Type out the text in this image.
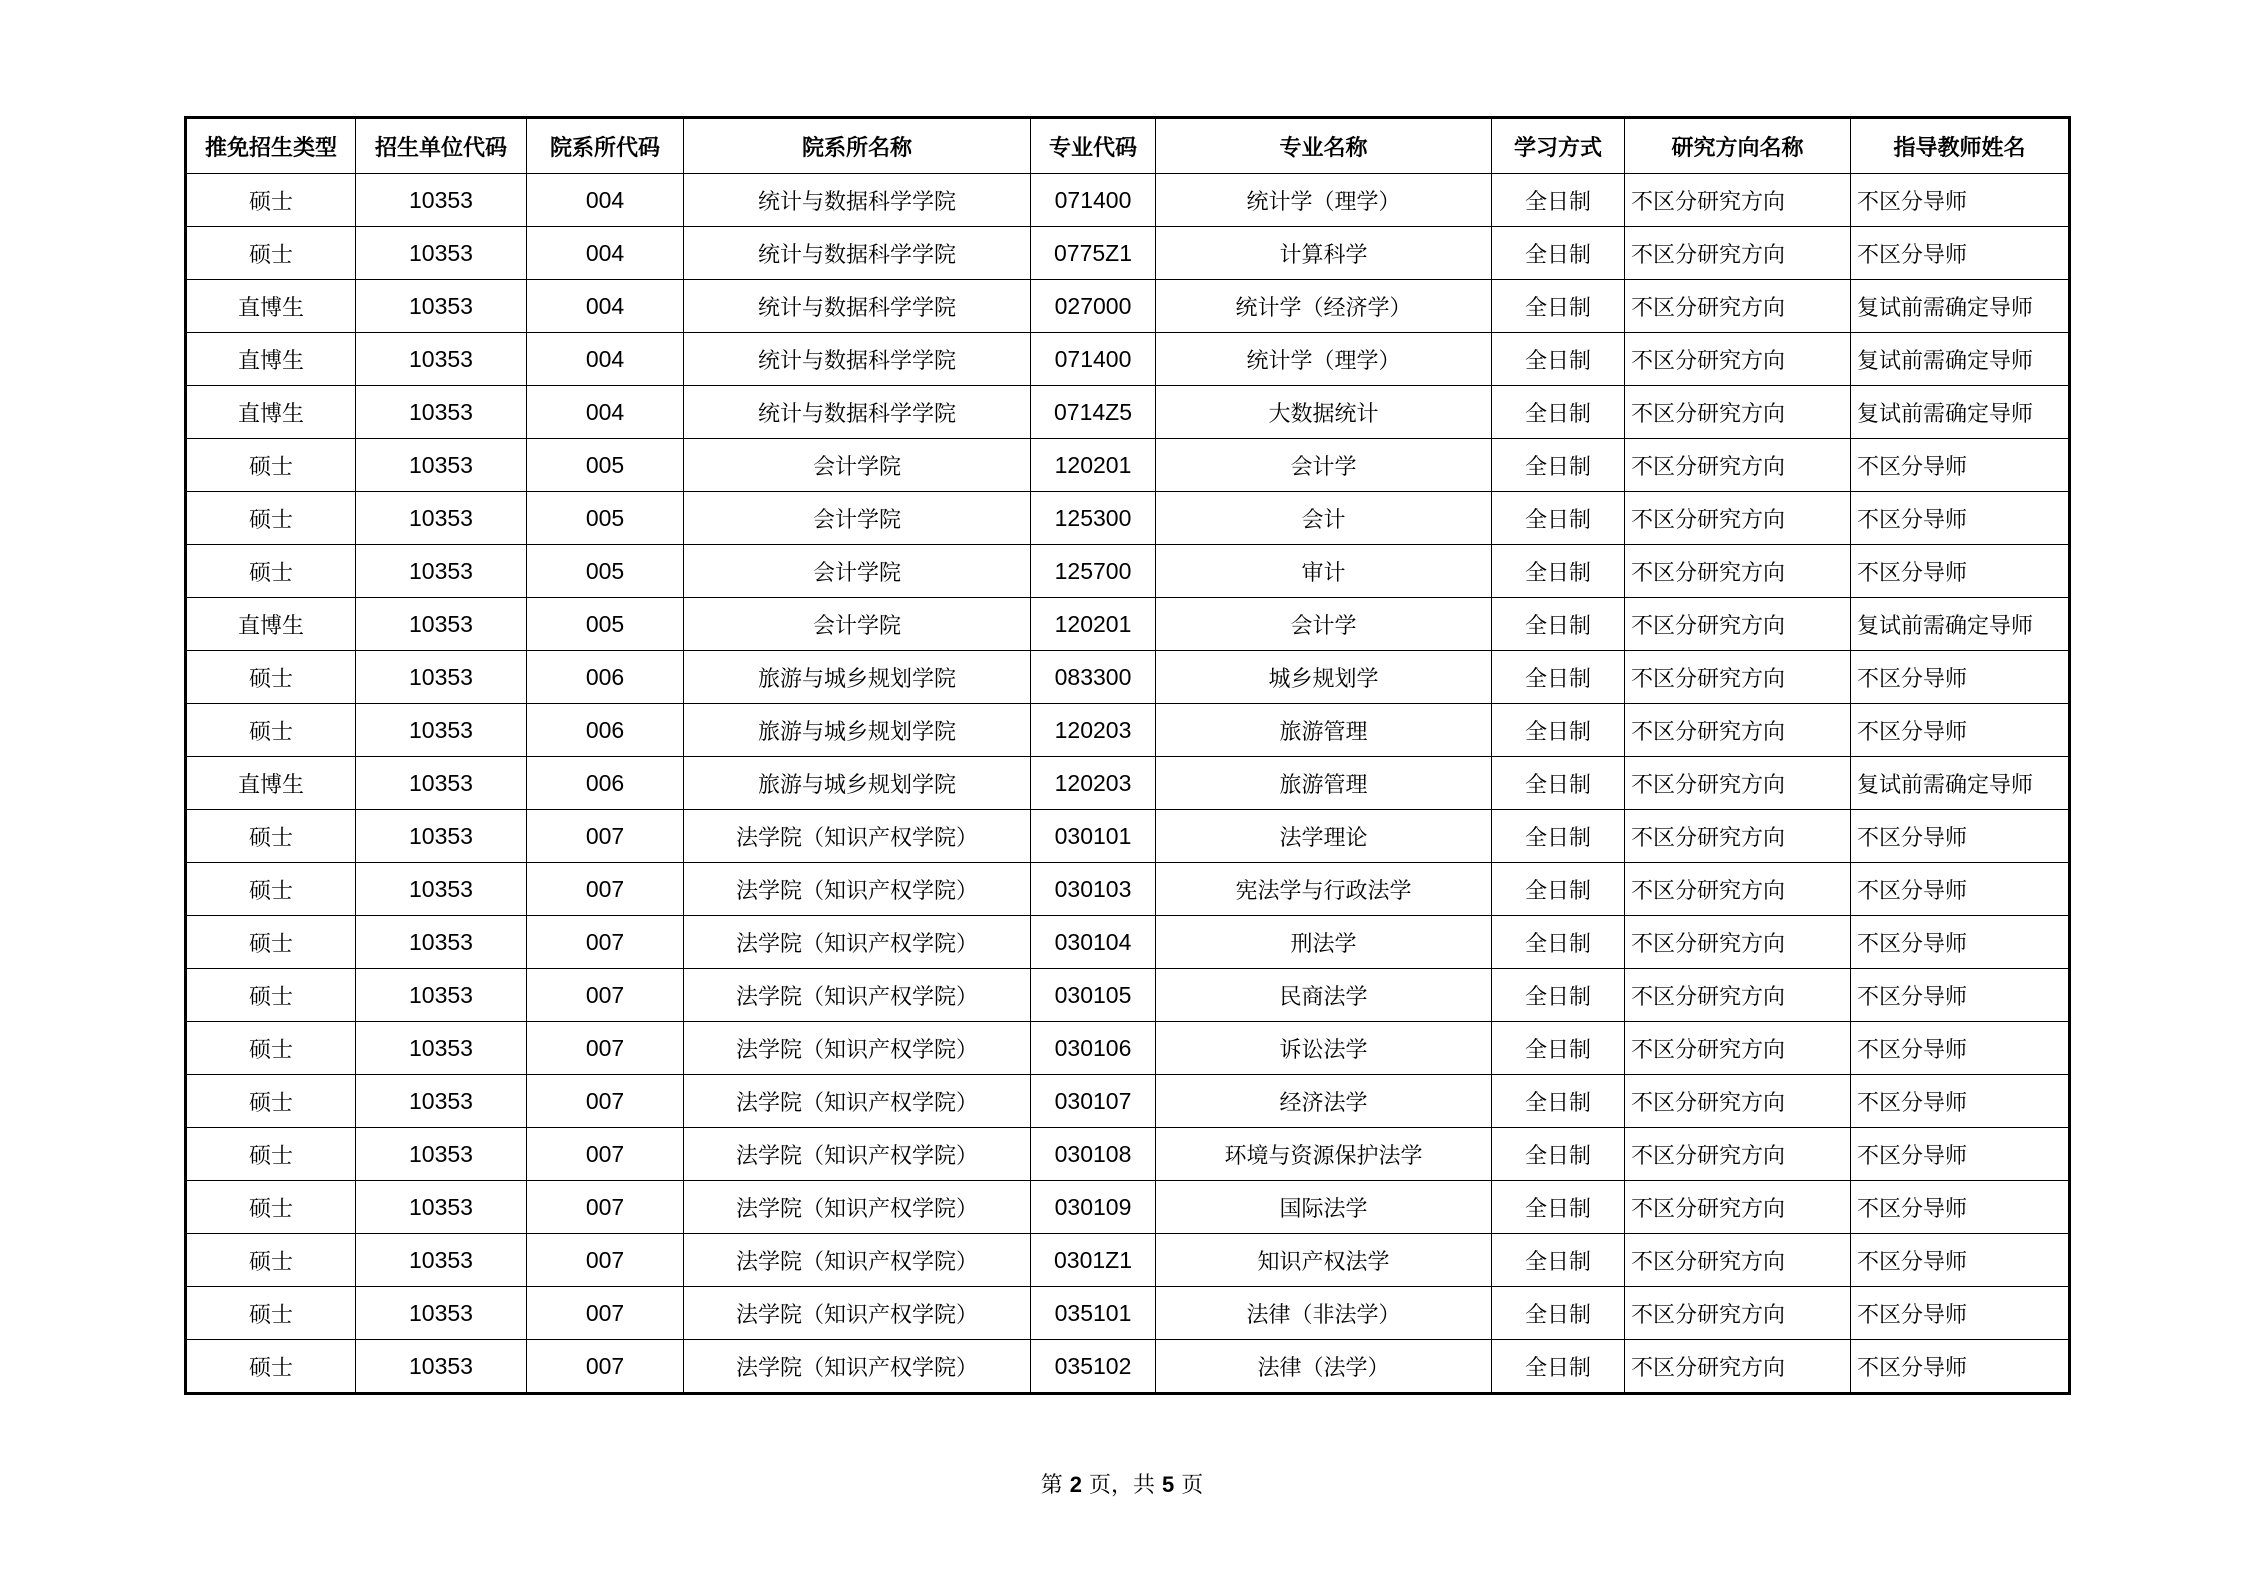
推免招生类型	招生单位代码	院系所代码	院系所名称	专业代码	专业名称	学习方式	研究方向名称	指导教师姓名
硕士	10353	004	统计与数据科学学院	071400	统计学（理学）	全日制	不区分研究方向	不区分导师
硕士	10353	004	统计与数据科学学院	0775Z1	计算科学	全日制	不区分研究方向	不区分导师
直博生	10353	004	统计与数据科学学院	027000	统计学（经济学）	全日制	不区分研究方向	复试前需确定导师
直博生	10353	004	统计与数据科学学院	071400	统计学（理学）	全日制	不区分研究方向	复试前需确定导师
直博生	10353	004	统计与数据科学学院	0714Z5	大数据统计	全日制	不区分研究方向	复试前需确定导师
硕士	10353	005	会计学院	120201	会计学	全日制	不区分研究方向	不区分导师
硕士	10353	005	会计学院	125300	会计	全日制	不区分研究方向	不区分导师
硕士	10353	005	会计学院	125700	审计	全日制	不区分研究方向	不区分导师
直博生	10353	005	会计学院	120201	会计学	全日制	不区分研究方向	复试前需确定导师
硕士	10353	006	旅游与城乡规划学院	083300	城乡规划学	全日制	不区分研究方向	不区分导师
硕士	10353	006	旅游与城乡规划学院	120203	旅游管理	全日制	不区分研究方向	不区分导师
直博生	10353	006	旅游与城乡规划学院	120203	旅游管理	全日制	不区分研究方向	复试前需确定导师
硕士	10353	007	法学院（知识产权学院）	030101	法学理论	全日制	不区分研究方向	不区分导师
硕士	10353	007	法学院（知识产权学院）	030103	宪法学与行政法学	全日制	不区分研究方向	不区分导师
硕士	10353	007	法学院（知识产权学院）	030104	刑法学	全日制	不区分研究方向	不区分导师
硕士	10353	007	法学院（知识产权学院）	030105	民商法学	全日制	不区分研究方向	不区分导师
硕士	10353	007	法学院（知识产权学院）	030106	诉讼法学	全日制	不区分研究方向	不区分导师
硕士	10353	007	法学院（知识产权学院）	030107	经济法学	全日制	不区分研究方向	不区分导师
硕士	10353	007	法学院（知识产权学院）	030108	环境与资源保护法学	全日制	不区分研究方向	不区分导师
硕士	10353	007	法学院（知识产权学院）	030109	国际法学	全日制	不区分研究方向	不区分导师
硕士	10353	007	法学院（知识产权学院）	0301Z1	知识产权法学	全日制	不区分研究方向	不区分导师
硕士	10353	007	法学院（知识产权学院）	035101	法律（非法学）	全日制	不区分研究方向	不区分导师
硕士	10353	007	法学院（知识产权学院）	035102	法律（法学）	全日制	不区分研究方向	不区分导师
第 2 页，共 5 页
